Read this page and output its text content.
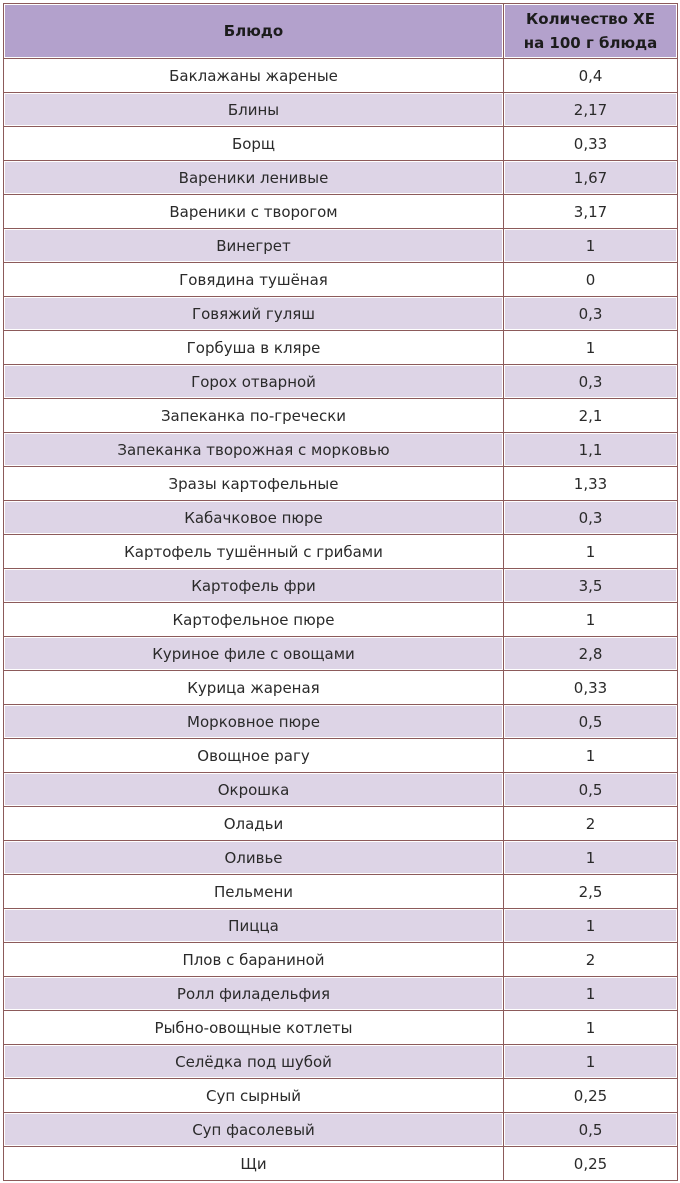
Блюдо	Количество ХЕ
на 100 г блюда

Баклажаны жареные	0,4
Блины	2,17
Борщ	0,33
Вареники ленивые	1,67
Вареники с творогом	3,17
Винегрет	1
Говядина тушёная	0
Говяжий гуляш	0,3
Горбуша в кляре	1
Горох отварной	0,3
Запеканка по-гречески	2,1
Запеканка творожная с морковью	1,1
Зразы картофельные	1,33
Кабачковое пюре	0,3
Картофель тушённый с грибами	1
Картофель фри	3,5
Картофельное пюре	1
Куриное филе с овощами	2,8
Курица жареная	0,33
Морковное пюре	0,5
Овощное рагу	1
Окрошка	0,5
Оладьи	2
Оливье	1
Пельмени	2,5
Пицца	1
Плов с бараниной	2
Ролл филадельфия	1
Рыбно-овощные котлеты	1
Селёдка под шубой	1
Суп сырный	0,25
Суп фасолевый	0,5
Щи	0,25
